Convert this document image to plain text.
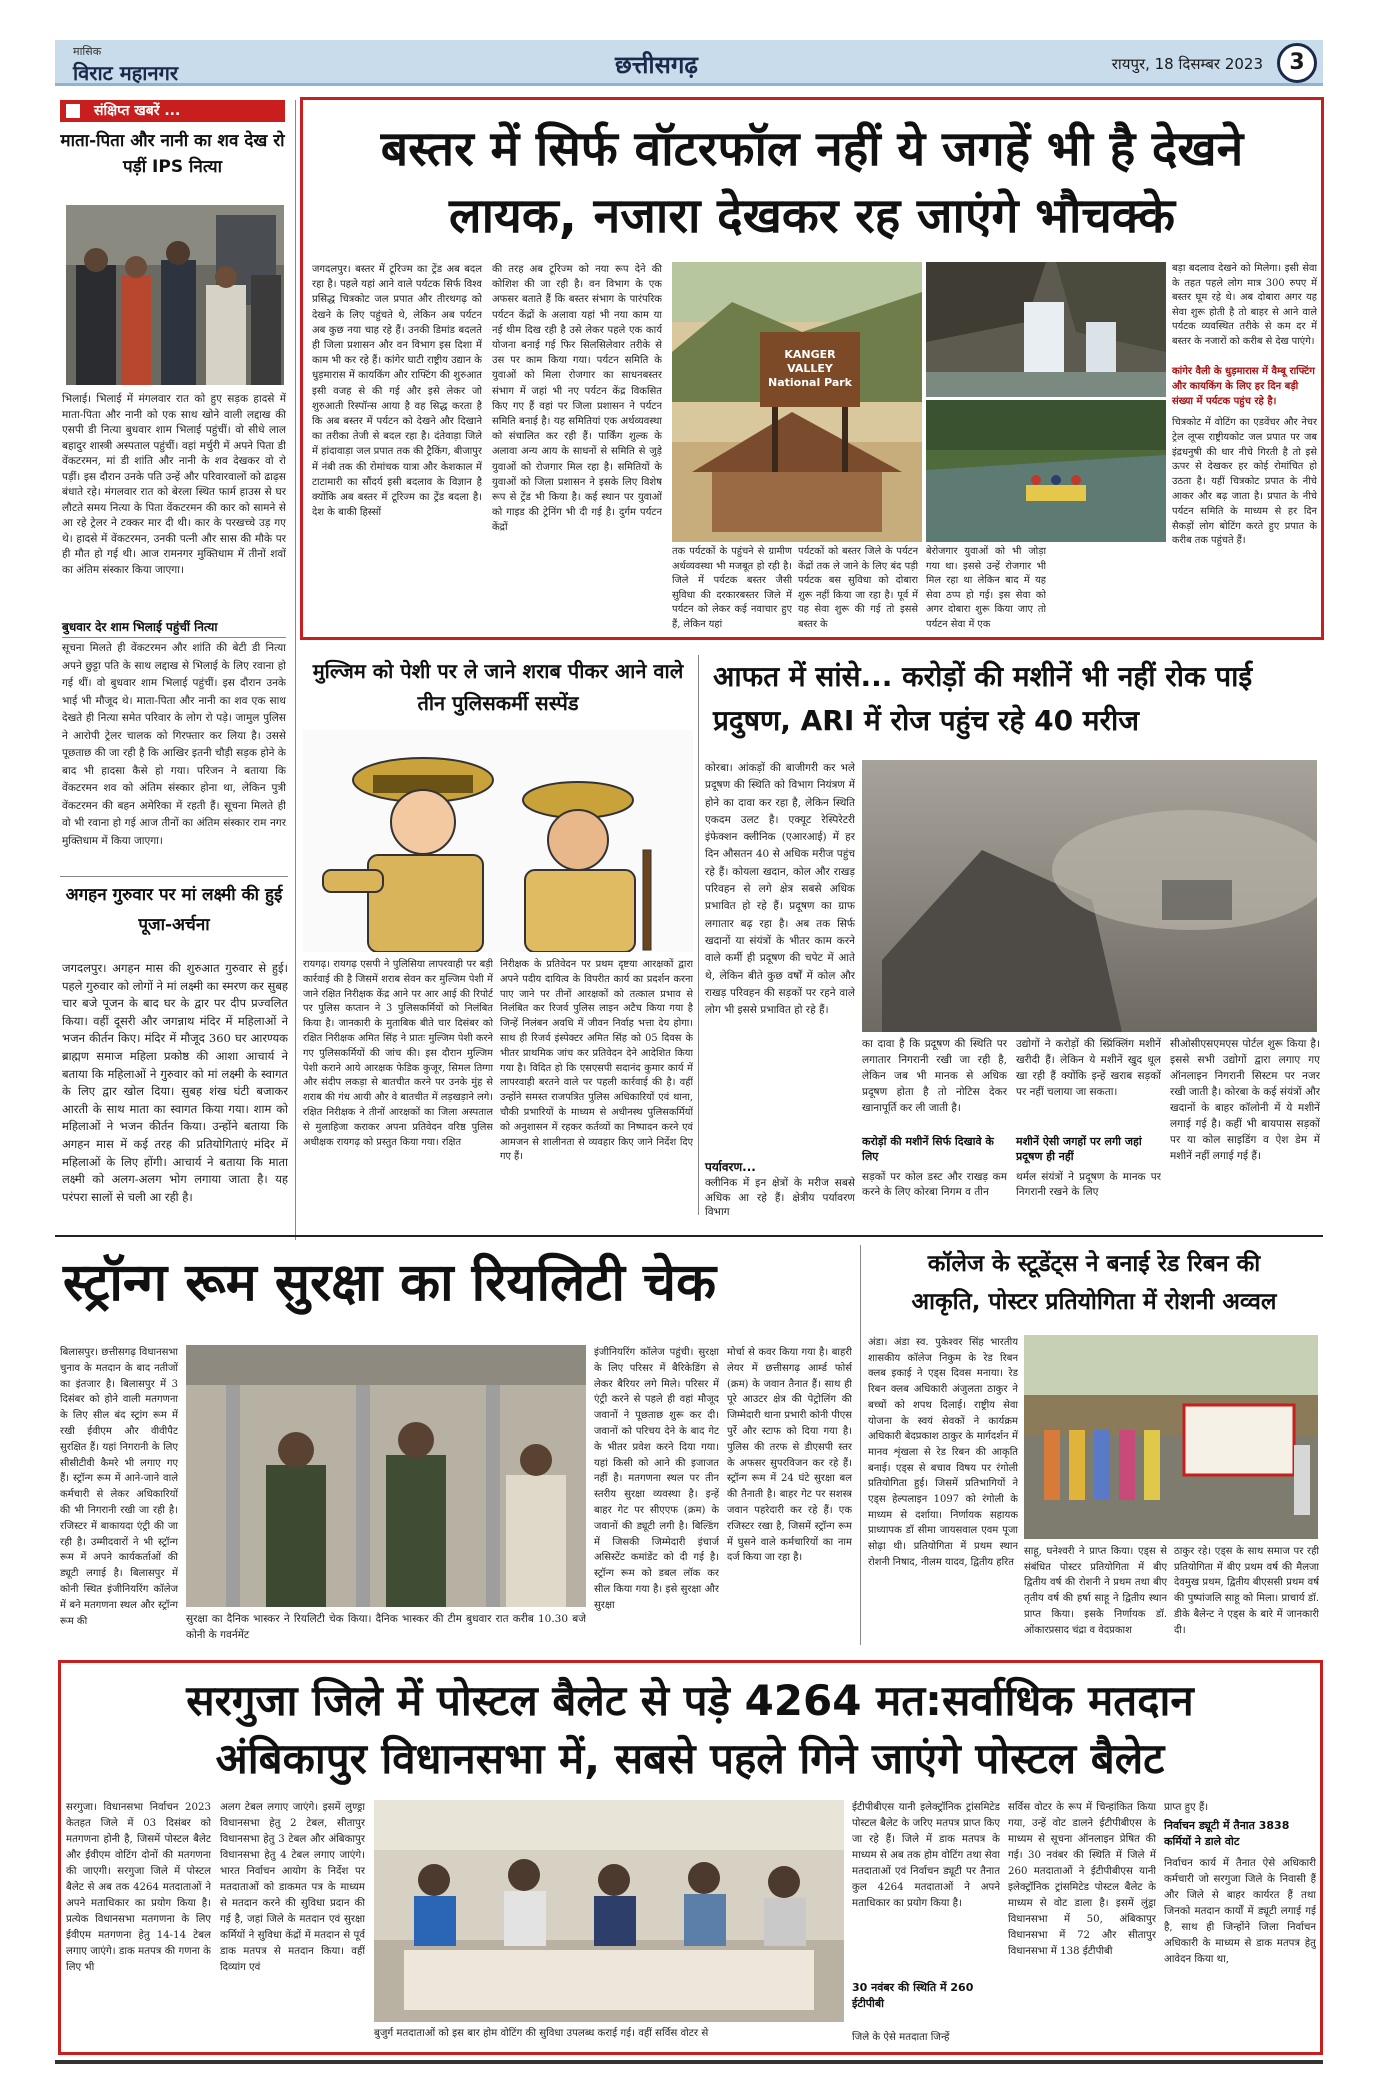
मासिक
विराट महानगर	छत्तीसगढ़	रायपुर, 18 दिसम्बर 2023	3
संक्षिप्त खबरें ...
माता-पिता और नानी का शव देख रो पड़ीं IPS नित्या
भिलाई। भिलाई में मंगलवार रात को हुए सड़क हादसे में माता-पिता और नानी को एक साथ खोने वाली लद्दाख की एसपी डी नित्या बुधवार शाम भिलाई पहुंचीं। वो सीधे लाल बहादुर शास्त्री अस्पताल पहुंचीं। वहां मर्चुरी में अपने पिता डी वेंकटरमन, मां डी शांति और नानी के शव देखकर वो रो पड़ीं। इस दौरान उनके पति उन्हें और परिवारवालों को ढाढ़स बंधाते रहे। मंगलवार रात को बेरला स्थित फार्म हाउस से घर लौटते समय नित्या के पिता वेंकटरमन की कार को सामने से आ रहे ट्रेलर ने टक्कर मार दी थी। कार के परखच्चे उड़ गए थे। हादसे में वेंकटरमन, उनकी पत्नी और सास की मौके पर ही मौत हो गई थी। आज रामनगर मुक्तिधाम में तीनों शवों का अंतिम संस्कार किया जाएगा।
बुधवार देर शाम भिलाई पहुंचीं नित्या
सूचना मिलते ही वेंकटरमन और शांति की बेटी डी नित्या अपने छुट्टा पति के साथ लद्दाख से भिलाई के लिए रवाना हो गई थीं। वो बुधवार शाम भिलाई पहुंचीं। इस दौरान उनके भाई भी मौजूद थे। माता-पिता और नानी का शव एक साथ देखते ही नित्या समेत परिवार के लोग रो पड़े। जामुल पुलिस ने आरोपी ट्रेलर चालक को गिरफ्तार कर लिया है। उससे पूछताछ की जा रही है कि आखिर इतनी चौड़ी सड़क होने के बाद भी हादसा कैसे हो गया। परिजन ने बताया कि वेंकटरमन शव को अंतिम संस्कार होना था, लेकिन पुत्री वेंकटरमन की बहन अमेरिका में रहती हैं। सूचना मिलते ही वो भी रवाना हो गई आज तीनों का अंतिम संस्कार राम नगर मुक्तिधाम में किया जाएगा।
अगहन गुरुवार पर मां लक्ष्मी की हुई पूजा-अर्चना
जगदलपुर। अगहन मास की शुरुआत गुरुवार से हुई। पहले गुरुवार को लोगों ने मां लक्ष्मी का स्मरण कर सुबह चार बजे पूजन के बाद घर के द्वार पर दीप प्रज्वलित किया। वहीं दूसरी और जगन्नाथ मंदिर में महिलाओं ने भजन कीर्तन किए। मंदिर में मौजूद 360 घर आरण्यक ब्राह्मण समाज महिला प्रकोष्ठ की आशा आचार्य ने बताया कि महिलाओं ने गुरुवार को मां लक्ष्मी के स्वागत के लिए द्वार खोल दिया। सुबह शंख घंटी बजाकर आरती के साथ माता का स्वागत किया गया। शाम को महिलाओं ने भजन कीर्तन किया। उन्होंने बताया कि अगहन मास में कई तरह की प्रतियोगिताएं मंदिर में महिलाओं के लिए होंगी। आचार्य ने बताया कि माता लक्ष्मी को अलग-अलग भोग लगाया जाता है। यह परंपरा सालों से चली आ रही है।
बस्तर में सिर्फ वॉटरफॉल नहीं ये जगहें भी है देखने
लायक, नजारा देखकर रह जाएंगे भौचक्के
जगदलपुर। बस्तर में टूरिज्म का ट्रेंड अब बदल रहा है। पहले यहां आने वाले पर्यटक सिर्फ विश्व प्रसिद्ध चित्रकोट जल प्रपात और तीरथगढ़ को देखने के लिए पहुंचते थे, लेकिन अब पर्यटन अब कुछ नया चाह रहे हैं। उनकी डिमांड बदलते ही जिला प्रशासन और वन विभाग इस दिशा में काम भी कर रहे हैं। कांगेर घाटी राष्ट्रीय उद्यान के धुड़मारास में कायकिंग और राफ्टिंग की शुरुआत इसी वजह से की गई और इसे लेकर जो शुरुआती रिस्पॉन्स आया है वह सिद्ध करता है कि अब बस्तर में पर्यटन को देखने और दिखाने का तरीका तेजी से बदल रहा है। दंतेवाड़ा जिले में हांदावाड़ा जल प्रपात तक की ट्रैकिंग, बीजापुर में नंबी तक की रोमांचक यात्रा और केशकाल में टाटामारी का सौंदर्य इसी बदलाव के विज्ञान है क्योंकि अब बस्तर में टूरिज्म का ट्रेंड बदला है। देश के बाकी हिस्सों
की तरह अब टूरिज्म को नया रूप देने की कोशिश की जा रही है। वन विभाग के एक अफसर बताते हैं कि बस्तर संभाग के पारंपरिक पर्यटन केंद्रों के अलावा यहां भी नया काम या नई थीम दिख रही है उसे लेकर पहले एक कार्य योजना बनाई गई फिर सिलसिलेवार तरीके से उस पर काम किया गया। पर्यटन समिति के युवाओं को मिला रोजगार का साधनबस्तर संभाग में जहां भी नए पर्यटन केंद्र विकसित किए गए हैं वहां पर जिला प्रशासन ने पर्यटन समिति बनाई है। यह समितियां एक अर्थव्यवस्था को संचालित कर रही हैं। पार्किंग शुल्क के अलावा अन्य आय के साधनों से समिति से जुड़े युवाओं को रोजगार मिल रहा है। समितियों के युवाओं को जिला प्रशासन ने इसके लिए विशेष रूप से ट्रेंड भी किया है। कई स्थान पर युवाओं को गाइड की ट्रेनिंग भी दी गई है। दुर्गम पर्यटन केंद्रों
KANGER VALLEY National Park
तक पर्यटकों के पहुंचने से ग्रामीण अर्थव्यवस्था भी मजबूत हो रही है। जिले में पर्यटक बस्तर जैसी सुविधा की दरकारबस्तर जिले में पर्यटन को लेकर कई नवाचार हुए हैं, लेकिन यहां
पर्यटकों को बस्तर जिले के पर्यटन केंद्रों तक ले जाने के लिए बंद पड़ी पर्यटक बस सुविधा को दोबारा शुरू नहीं किया जा रहा है। पूर्व में यह सेवा शुरू की गई तो इससे बस्तर के
बेरोजगार युवाओं को भी जोड़ा गया था। इससे उन्हें रोजगार भी मिल रहा था लेकिन बाद में यह सेवा ठप्प हो गई। इस सेवा को अगर दोबारा शुरू किया जाए तो पर्यटन सेवा में एक
बड़ा बदलाव देखने को मिलेगा। इसी सेवा के तहत पहले लोग मात्र 300 रुपए में बस्तर घूम रहे थे। अब दोबारा अगर यह सेवा शुरू होती है तो बाहर से आने वाले पर्यटक व्यवस्थित तरीके से कम दर में बस्तर के नजारों को करीब से देख पाएंगे।
कांगेर वैली के धुड़मारास में वैम्बू राफ्टिंग और कायकिंग के लिए हर दिन बड़ी संख्या में पर्यटक पहुंच रहे है।
चित्रकोट में वोटिंग का एडवेंचर और नेचर ट्रेल लूप्स राष्ट्रीयकोट जल प्रपात पर जब इंद्रधनुषी की धार नीचे गिरती है तो इसे ऊपर से देखकर हर कोई रोमांचित हो उठता है। यहीं चित्रकोट प्रपात के नीचे आकर और बढ़ जाता है। प्रपात के नीचे पर्यटन समिति के माध्यम से हर दिन सैकड़ों लोग बोटिंग करते हुए प्रपात के करीब तक पहुंचते हैं।
मुल्जिम को पेशी पर ले जाने शराब पीकर आने वाले तीन पुलिसकर्मी सस्पेंड
रायगढ़। रायगढ़ एसपी ने पुलिसिया लापरवाही पर बड़ी कार्रवाई की है जिसमें शराब सेवन कर मुल्जिम पेशी में जाने रक्षित निरीक्षक केंद्र आने पर आर आई की रिपोर्ट पर पुलिस कप्तान ने 3 पुलिसकर्मियों को निलंबित किया है। जानकारी के मुताबिक बीते चार दिसंबर को रक्षित निरीक्षक अमित सिंह ने प्रातः मुल्जिम पेशी करने गए पुलिसकर्मियों की जांच की। इस दौरान मुल्जिम पेशी कराने आये आरक्षक फेडिक कुजूर, सिमल तिग्गा और संदीप लकड़ा से बातचीत करने पर उनके मुंह से शराब की गंध आयी और वे बातचीत में लड़खड़ाने लगे। रक्षित निरीक्षक ने तीनों आरक्षकों का जिला अस्पताल से मुलाहिजा कराकर अपना प्रतिवेदन वरिष्ठ पुलिस अधीक्षक रायगढ़ को प्रस्तुत किया गया। रक्षित
निरीक्षक के प्रतिवेदन पर प्रथम दृष्टया आरक्षकों द्वारा अपने पदीय दायित्व के विपरीत कार्य का प्रदर्शन करना पाए जाने पर तीनों आरक्षकों को तत्काल प्रभाव से निलंबित कर रिजर्व पुलिस लाइन अटैच किया गया है जिन्हें निलंबन अवधि में जीवन निर्वाह भत्ता देय होगा। साथ ही रिजर्व इंस्पेक्टर अमित सिंह को 05 दिवस के भीतर प्राथमिक जांच कर प्रतिवेदन देने आदेशित किया गया है। विदित हो कि एसएसपी सदानंद कुमार कार्य में लापरवाही बरतने वाले पर पहली कार्रवाई की है। वहीं उन्होंने समस्त राजपत्रित पुलिस अधिकारियों एवं थाना, चौकी प्रभारियों के माध्यम से अधीनस्थ पुलिसकर्मियों को अनुशासन में रहकर कर्तव्यों का निष्पादन करने एवं आमजन से शालीनता से व्यवहार किए जाने निर्देश दिए गए हैं।
आफत में सांसे... करोड़ों की मशीनें भी नहीं रोक पाई प्रदुषण, ARI में रोज पहुंच रहे 40 मरीज
कोरबा। आंकड़ों की बाजीगरी कर भले प्रदूषण की स्थिति को विभाग नियंत्रण में होने का दावा कर रहा है, लेकिन स्थिति एकदम उलट है। एक्यूट रेस्पिरेटरी इंफेक्शन क्लीनिक (एआरआई) में हर दिन औसतन 40 से अधिक मरीज पहुंच रहे हैं। कोयला खदान, कोल और राखड़ परिवहन से लगे क्षेत्र सबसे अधिक प्रभावित हो रहे हैं। प्रदूषण का ग्राफ लगातार बढ़ रहा है। अब तक सिर्फ खदानों या संयंत्रों के भीतर काम करने वाले कर्मी ही प्रदूषण की चपेट में आते थे, लेकिन बीते कुछ वर्षों में कोल और राखड़ परिवहन की सड़कों पर रहने वाले लोग भी इससे प्रभावित हो रहे हैं।
पर्यावरण...
क्लीनिक में इन क्षेत्रों के मरीज सबसे अधिक आ रहे हैं। क्षेत्रीय पर्यावरण विभाग
का दावा है कि प्रदूषण की स्थिति पर लगातार निगरानी रखी जा रही है, लेकिन जब भी मानक से अधिक प्रदूषण होता है तो नोटिस देकर खानापूर्ति कर ली जाती है।
करोड़ों की मशीनें सिर्फ दिखावे के लिए
सड़कों पर कोल डस्ट और राखड़ कम करने के लिए कोरबा निगम व तीन
उद्योगों ने करोड़ों की स्प्रिंक्लिंग मशीनें खरीदी हैं। लेकिन ये मशीनें खुद धूल खा रही हैं क्योंकि इन्हें खराब सड़कों पर नहीं चलाया जा सकता।
मशीनें ऐसी जगहों पर लगी जहां प्रदूषण ही नहीं
थर्मल संयंत्रों ने प्रदूषण के मानक पर निगरानी रखने के लिए
सीओसीएसएमएस पोर्टल शुरू किया है। इससे सभी उद्योगों द्वारा लगाए गए ऑनलाइन निगरानी सिस्टम पर नजर रखी जाती है। कोरबा के कई संयंत्रों और खदानों के बाहर कॉलोनी में ये मशीनें लगाई गई है। कहीं भी बायपास सड़कों पर या कोल साइडिंग व ऐश डेम में मशीनें नहीं लगाई गई हैं।
स्ट्रॉन्ग रूम सुरक्षा का रियलिटी चेक
बिलासपुर। छत्तीसगढ़ विधानसभा चुनाव के मतदान के बाद नतीजों का इंतजार है। बिलासपुर में 3 दिसंबर को होने वाली मतगणना के लिए सील बंद स्ट्रांग रूम में रखी ईवीएम और वीवीपैट सुरक्षित हैं। यहां निगरानी के लिए सीसीटीवी कैमरे भी लगाए गए हैं। स्ट्रॉन्ग रूम में आने-जाने वाले कर्मचारी से लेकर अधिकारियों की भी निगरानी रखी जा रही है। रजिस्टर में बाकायदा एंट्री की जा रही है। उम्मीदवारों ने भी स्ट्रॉन्ग रूम में अपने कार्यकर्ताओं की ड्यूटी लगाई है। बिलासपुर में कोनी स्थित इंजीनियरिंग कॉलेज में बने मतगणना स्थल और स्ट्रॉन्ग रूम की	सुरक्षा का दैनिक भास्कर ने रियलिटी चेक किया। दैनिक भास्कर की टीम बुधवार रात करीब 10.30 बजे कोनी के गवर्नमेंट
इंजीनियरिंग कॉलेज पहुंची। सुरक्षा के लिए परिसर में बैरिकेडिंग से लेकर बैरियर लगे मिले। परिसर में एंट्री करने से पहले ही वहां मौजूद जवानों ने पूछताछ शुरू कर दी। जवानों को परिचय देने के बाद गेट के भीतर प्रवेश करने दिया गया। यहां किसी को आने की इजाजत नहीं है। मतगणना स्थल पर तीन स्तरीय सुरक्षा व्यवस्था है। इन्हें बाहर गेट पर सीएएफ (क्रम) के जवानों की ड्यूटी लगी है। बिल्डिंग में जिसकी जिम्मेदारी इंचार्ज असिस्टेंट कमांडेंट को दी गई है। स्ट्रॉन्ग रूम को डबल लॉक कर सील किया गया है। इसे सुरक्षा और सुरक्षा
मोर्चा से कवर किया गया है। बाहरी लेयर में छत्तीसगढ़ आर्म्ड फोर्स (क्रम) के जवान तैनात हैं। साथ ही पूरे आउटर क्षेत्र की पेट्रोलिंग की जिम्मेदारी थाना प्रभारी कोनी पीएस पुर्रे और स्टाफ को दिया गया है। पुलिस की तरफ से डीएसपी स्तर के अफसर सुपरविजन कर रहे हैं। स्ट्रॉन्ग रूम में 24 घंटे सुरक्षा बल की तैनाती है। बाहर गेट पर सशस्त्र जवान पहरेदारी कर रहे हैं। एक रजिस्टर रखा है, जिसमें स्ट्रॉन्ग रूम में घुसने वाले कर्मचारियों का नाम दर्ज किया जा रहा है।
कॉलेज के स्टूडेंट्स ने बनाई रेड रिबन की
आकृति, पोस्टर प्रतियोगिता में रोशनी अव्वल
अंडा। अंडा स्व. पुकेश्वर सिंह भारतीय शासकीय कॉलेज निकुम के रेड रिबन क्लब इकाई ने एड्स दिवस मनाया। रेड रिबन क्लब अधिकारी अंजुलता ठाकुर ने बच्चों को शपथ दिलाई। राष्ट्रीय सेवा योजना के स्वयं सेवकों ने कार्यक्रम अधिकारी बेदप्रकाश ठाकुर के मार्गदर्शन में मानव शृंखला से रेड रिबन की आकृति बनाई। एड्स से बचाव विषय पर रंगोली प्रतियोगिता हुई। जिसमें प्रतिभागियों ने एड्स हेल्पलाइन 1097 को रंगोली के माध्यम से दर्शाया। निर्णायक सहायक प्राध्यापक डॉ सीमा जायसवाल एवम पूजा सोढ़ा थी। प्रतियोगिता में प्रथम स्थान रोशनी निषाद, नीलम यादव, द्वितीय हरित
साहू, घनेश्वरी ने प्राप्त किया। एड्स से संबंधित पोस्टर प्रतियोगिता में बीए द्वितीय वर्ष की रोशनी ने प्रथम तथा बीए तृतीय वर्ष की हर्षा साहू ने द्वितीय स्थान प्राप्त किया। इसके निर्णायक डॉ. ओंकारप्रसाद चंद्रा व वेदप्रकाश
ठाकुर रहे। एड्स के साथ समाज पर रही प्रतियोगिता में बीए प्रथम वर्ष की मैलजा देवमुख प्रथम, द्वितीय बीएससी प्रथम वर्ष की पुष्पांजलि साहू को मिला। प्राचार्य डॉ. डीके बैलेन्ट ने एड्स के बारे में जानकारी दी।
सरगुजा जिले में पोस्टल बैलेट से पड़े 4264 मत:सर्वाधिक मतदान
अंबिकापुर विधानसभा में, सबसे पहले गिने जाएंगे पोस्टल बैलेट
सरगुजा। विधानसभा निर्वाचन 2023 केतहत जिले में 03 दिसंबर को मतगणना होनी है, जिसमें पोस्टल बैलेट और ईवीएम वोटिंग दोनों की मतगणना की जाएगी। सरगुजा जिले में पोस्टल बैलेट से अब तक 4264 मतदाताओं ने अपने मताधिकार का प्रयोग किया है। प्रत्येक विधानसभा मतगणना के लिए ईवीएम मतगणना हेतु 14-14 टेबल लगाए जाएंगे। डाक मतपत्र की गणना के लिए भी
अलग टेबल लगाए जाएंगे। इसमें लुण्ड्रा विधानसभा हेतु 2 टेबल, सीतापुर विधानसभा हेतु 3 टेबल और अंबिकापुर विधानसभा हेतु 4 टेबल लगाए जाएंगे। भारत निर्वाचन आयोग के निर्देश पर मतदाताओं को डाकमत पत्र के माध्यम से मतदान करने की सुविधा प्रदान की गई है, जहां जिले के मतदान एवं सुरक्षा कर्मियों ने सुविधा केंद्रों में मतदान से पूर्व डाक मतपत्र से मतदान किया। वहीं दिव्यांग एवं
बुजुर्ग मतदाताओं को इस बार होम वोटिंग की सुविधा उपलब्ध कराई गई। वहीं सर्विस वोटर से
ईटीपीबीएस यानी इलेक्ट्रॉनिक ट्रांसमिटेड पोस्टल बैलेट के जरिए मतपत्र प्राप्त किए जा रहे हैं। जिले में डाक मतपत्र के माध्यम से अब तक होम वोटिंग तथा सेवा मतदाताओं एवं निर्वाचन ड्यूटी पर तैनात कुल 4264 मतदाताओं ने अपने मताधिकार का प्रयोग किया है।
30 नवंबर की स्थिति में 260 ईटीपीबी
जिले के ऐसे मतदाता जिन्हें
सर्विस वोटर के रूप में चिन्हांकित किया गया, उन्हें वोट डालने ईटीपीबीएस के माध्यम से सूचना ऑनलाइन प्रेषित की गई। 30 नवंबर की स्थिति में जिले में 260 मतदाताओं ने ईटीपीबीएस यानी इलेक्ट्रॉनिक ट्रांसमिटेड पोस्टल बैलेट के माध्यम से वोट डाला है। इसमें लुंड्रा विधानसभा में 50, अंबिकापुर विधानसभा में 72 और सीतापुर विधानसभा में 138 ईटीपीबी
प्राप्त हुए हैं।
निर्वाचन ड्यूटी में तैनात 3838 कर्मियों ने डाले वोट
निर्वाचन कार्य में तैनात ऐसे अधिकारी कर्मचारी जो सरगुजा जिले के निवासी हैं और जिले से बाहर कार्यरत हैं तथा जिनको मतदान कार्यों में ड्यूटी लगाई गई है, साथ ही जिन्होंने जिला निर्वाचन अधिकारी के माध्यम से डाक मतपत्र हेतु आवेदन किया था,
